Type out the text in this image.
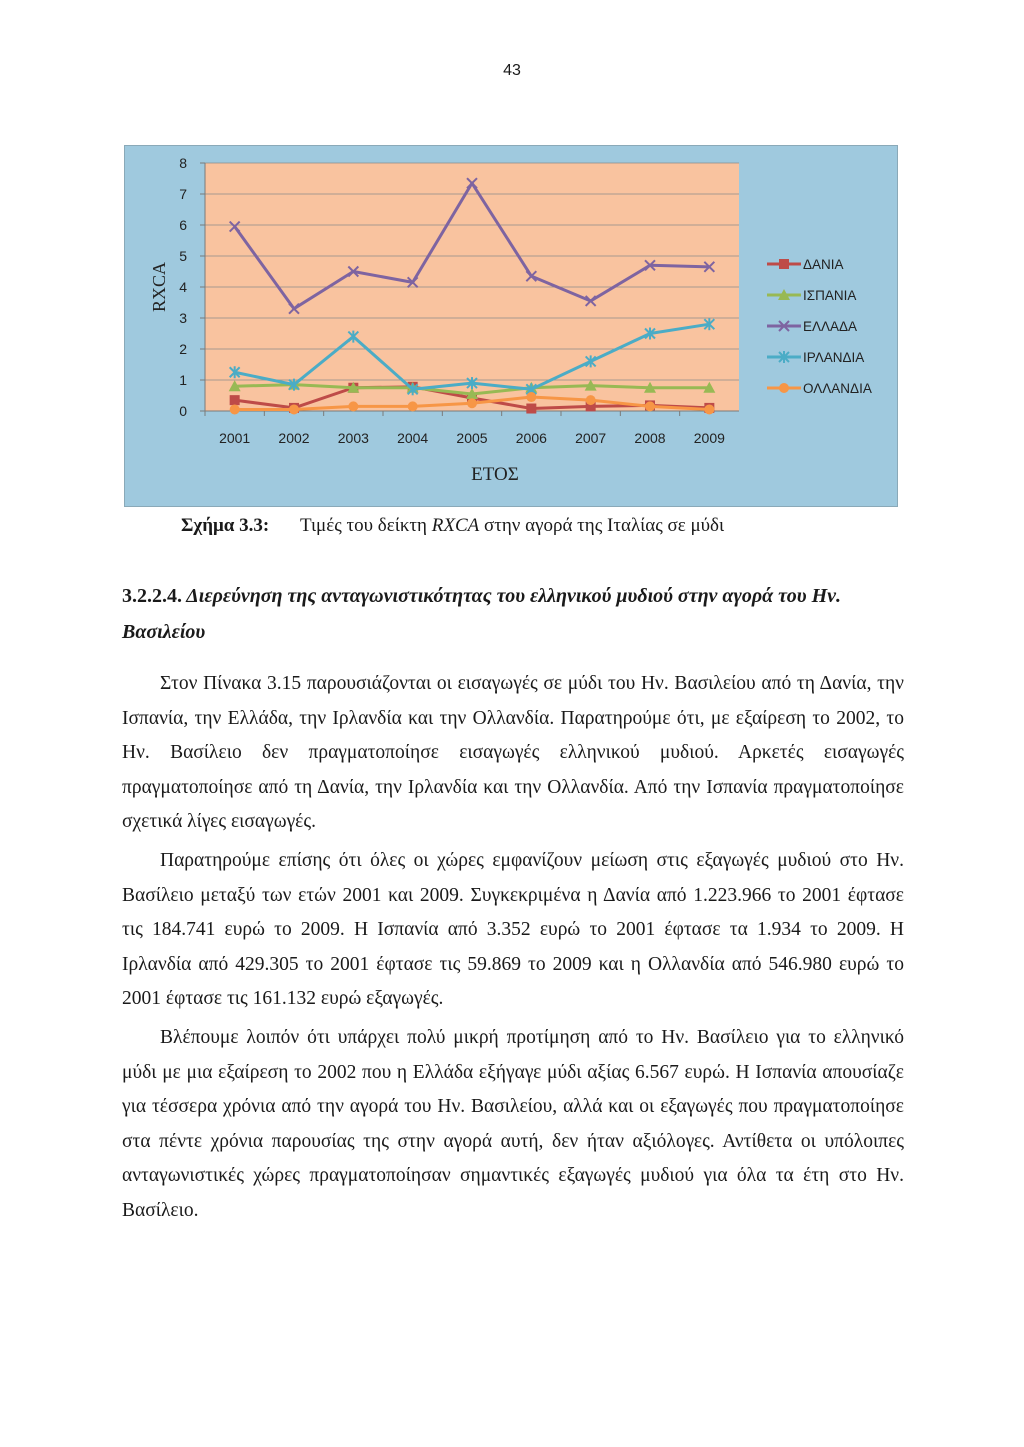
43
0
1
2
3
4
5
6
7
8
2001 2002 2003 2004 2005 2006 2007 2008 2009
ΕΤΟΣ
RXCA	ΔΑΝΙΑ
ΙΣΠΑΝΙΑ
ΕΛΛΑΔΑ
ΙΡΛΑΝΔΙΑ
ΟΛΛΑΝΔΙΑ
Σχήμα 3.3: Τιμές του δείκτη RXCA στην αγορά της Ιταλίας σε μύδι
3.2.2.4. Διερεύνηση της ανταγωνιστικότητας του ελληνικού μυδιού στην αγορά του Ην. Βασιλείου

Στον Πίνακα 3.15 παρουσιάζονται οι εισαγωγές σε μύδι του Ην. Βασιλείου από τη Δανία, την Ισπανία, την Ελλάδα, την Ιρλανδία και την Ολλανδία. Παρατηρούμε ότι, με εξαίρεση το 2002, το Ην. Βασίλειο δεν πραγματοποίησε εισαγωγές ελληνικού μυδιού. Αρκετές εισαγωγές πραγματοποίησε από τη Δανία, την Ιρλανδία και την Ολλανδία. Από την Ισπανία πραγματοποίησε σχετικά λίγες εισαγωγές.

Παρατηρούμε επίσης ότι όλες οι χώρες εμφανίζουν μείωση στις εξαγωγές μυδιού στο Ην. Βασίλειο μεταξύ των ετών 2001 και 2009. Συγκεκριμένα η Δανία από 1.223.966 το 2001 έφτασε τις 184.741 ευρώ το 2009. Η Ισπανία από 3.352 ευρώ το 2001 έφτασε τα 1.934 το 2009. Η Ιρλανδία από 429.305 το 2001 έφτασε τις 59.869 το 2009 και η Ολλανδία από 546.980 ευρώ το 2001 έφτασε τις 161.132 ευρώ εξαγωγές.

Βλέπουμε λοιπόν ότι υπάρχει πολύ μικρή προτίμηση από το Ην. Βασίλειο για το ελληνικό μύδι με μια εξαίρεση το 2002 που η Ελλάδα εξήγαγε μύδι αξίας 6.567 ευρώ. Η Ισπανία απουσίαζε για τέσσερα χρόνια από την αγορά του Ην. Βασιλείου, αλλά και οι εξαγωγές που πραγματοποίησε στα πέντε χρόνια παρουσίας της στην αγορά αυτή, δεν ήταν αξιόλογες. Αντίθετα οι υπόλοιπες ανταγωνιστικές χώρες πραγματοποίησαν σημαντικές εξαγωγές μυδιού για όλα τα έτη στο Ην. Βασίλειο.
